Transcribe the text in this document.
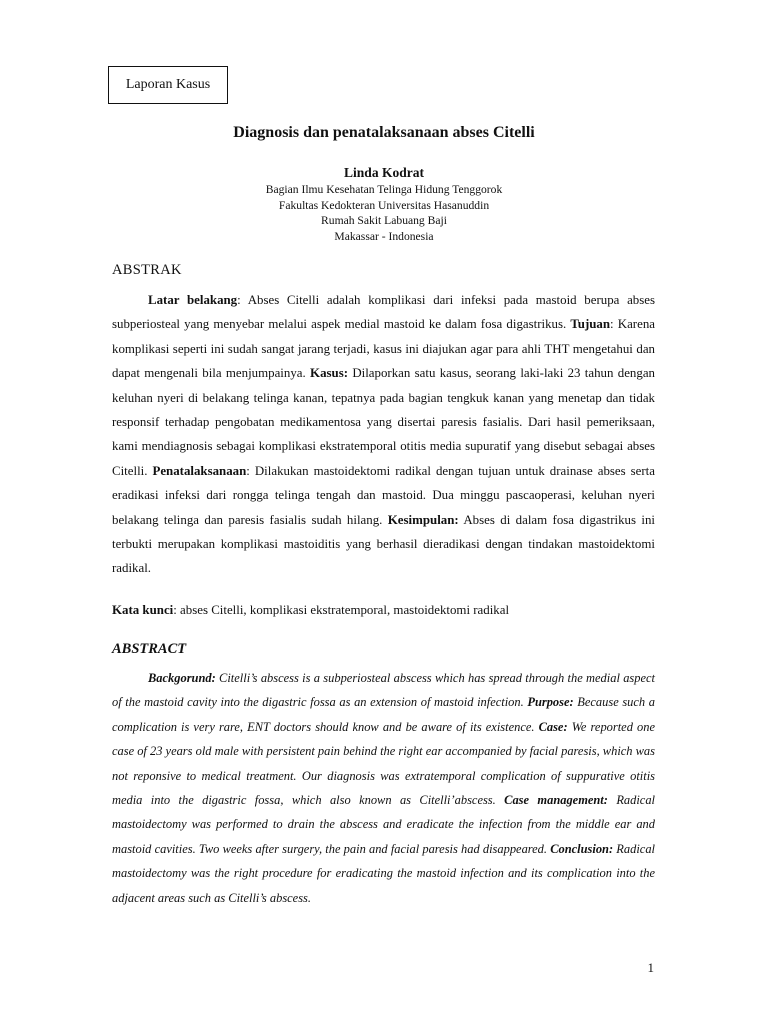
Laporan Kasus
Diagnosis dan penatalaksanaan abses Citelli
Linda Kodrat
Bagian Ilmu Kesehatan Telinga Hidung Tenggorok
Fakultas Kedokteran Universitas Hasanuddin
Rumah Sakit Labuang Baji
Makassar - Indonesia
ABSTRAK
Latar belakang: Abses Citelli adalah komplikasi dari infeksi pada mastoid berupa abses subperiosteal yang menyebar melalui aspek medial mastoid ke dalam fosa digastrikus. Tujuan: Karena komplikasi seperti ini sudah sangat jarang terjadi, kasus ini diajukan agar para ahli THT mengetahui dan dapat mengenali bila menjumpainya. Kasus: Dilaporkan satu kasus, seorang laki-laki 23 tahun dengan keluhan nyeri di belakang telinga kanan, tepatnya pada bagian tengkuk kanan yang menetap dan tidak responsif terhadap pengobatan medikamentosa yang disertai paresis fasialis. Dari hasil pemeriksaan, kami mendiagnosis sebagai komplikasi ekstratemporal otitis media supuratif yang disebut sebagai abses Citelli. Penatalaksanaan: Dilakukan mastoidektomi radikal dengan tujuan untuk drainase abses serta eradikasi infeksi dari rongga telinga tengah dan mastoid. Dua minggu pascaoperasi, keluhan nyeri belakang telinga dan paresis fasialis sudah hilang. Kesimpulan: Abses di dalam fosa digastrikus ini terbukti merupakan komplikasi mastoiditis yang berhasil dieradikasi dengan tindakan mastoidektomi radikal.
Kata kunci: abses Citelli, komplikasi ekstratemporal, mastoidektomi radikal
ABSTRACT
Backgorund: Citelli’s abscess is a subperiosteal abscess which has spread through the medial aspect of the mastoid cavity into the digastric fossa as an extension of mastoid infection. Purpose: Because such a complication is very rare, ENT doctors should know and be aware of its existence. Case: We reported one case of 23 years old male with persistent pain behind the right ear accompanied by facial paresis, which was not reponsive to medical treatment. Our diagnosis was extratemporal complication of suppurative otitis media into the digastric fossa, which also known as Citelli’abscess. Case management: Radical mastoidectomy was performed to drain the abscess and eradicate the infection from the middle ear and mastoid cavities. Two weeks after surgery, the pain and facial paresis had disappeared. Conclusion: Radical mastoidectomy was the right procedure for eradicating the mastoid infection and its complication into the adjacent areas such as Citelli’s abscess.
1
